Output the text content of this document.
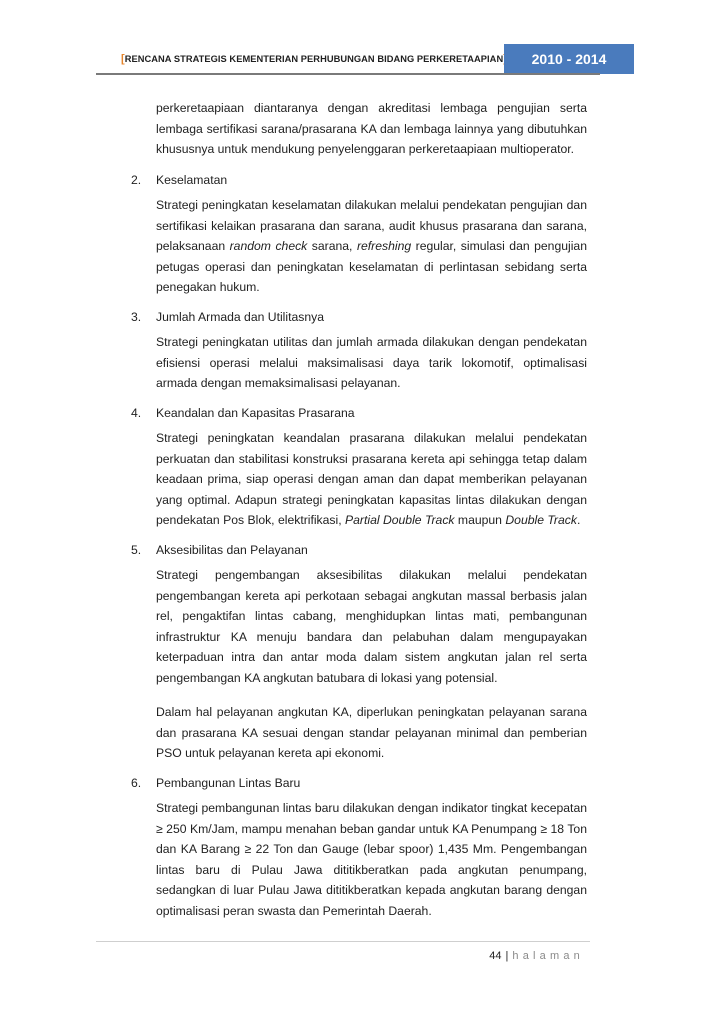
[RENCANA STRATEGIS KEMENTERIAN PERHUBUNGAN BIDANG PERKERETAAPIAN	2010 - 2014
perkeretaapiaan diantaranya dengan akreditasi lembaga pengujian serta lembaga sertifikasi sarana/prasarana KA dan lembaga lainnya yang dibutuhkan khususnya untuk mendukung penyelenggaran perkeretaapiaan multioperator.
2.	Keselamatan
Strategi peningkatan keselamatan dilakukan melalui pendekatan pengujian dan sertifikasi kelaikan prasarana dan sarana, audit khusus prasarana dan sarana, pelaksanaan random check sarana, refreshing regular, simulasi dan pengujian petugas operasi dan peningkatan keselamatan di perlintasan sebidang serta penegakan hukum.
3.	Jumlah Armada dan Utilitasnya
Strategi peningkatan utilitas dan jumlah armada dilakukan dengan pendekatan efisiensi operasi melalui maksimalisasi daya tarik lokomotif, optimalisasi armada dengan memaksimalisasi pelayanan.
4.	Keandalan dan Kapasitas Prasarana
Strategi peningkatan keandalan prasarana dilakukan melalui pendekatan perkuatan dan stabilitasi konstruksi prasarana kereta api sehingga tetap dalam keadaan prima, siap operasi dengan aman dan dapat memberikan pelayanan yang optimal. Adapun strategi peningkatan kapasitas lintas dilakukan dengan pendekatan Pos Blok, elektrifikasi, Partial Double Track maupun Double Track.
5.	Aksesibilitas dan Pelayanan
Strategi pengembangan aksesibilitas dilakukan melalui pendekatan pengembangan kereta api perkotaan sebagai angkutan massal berbasis jalan rel, pengaktifan lintas cabang, menghidupkan lintas mati, pembangunan infrastruktur KA menuju bandara dan pelabuhan dalam mengupayakan keterpaduan intra dan antar moda dalam sistem angkutan jalan rel serta pengembangan KA angkutan batubara di lokasi yang potensial.
Dalam hal pelayanan angkutan KA, diperlukan peningkatan pelayanan sarana dan prasarana KA sesuai dengan standar pelayanan minimal dan pemberian PSO untuk pelayanan kereta api ekonomi.
6.	Pembangunan Lintas Baru
Strategi pembangunan lintas baru dilakukan dengan indikator tingkat kecepatan ≥ 250 Km/Jam, mampu menahan beban gandar untuk KA Penumpang ≥ 18 Ton dan KA Barang ≥ 22 Ton dan Gauge (lebar spoor) 1,435 Mm. Pengembangan lintas baru di Pulau Jawa dititikberatkan pada angkutan penumpang, sedangkan di luar Pulau Jawa dititikberatkan kepada angkutan barang dengan optimalisasi peran swasta dan Pemerintah Daerah.
44 | halaman
